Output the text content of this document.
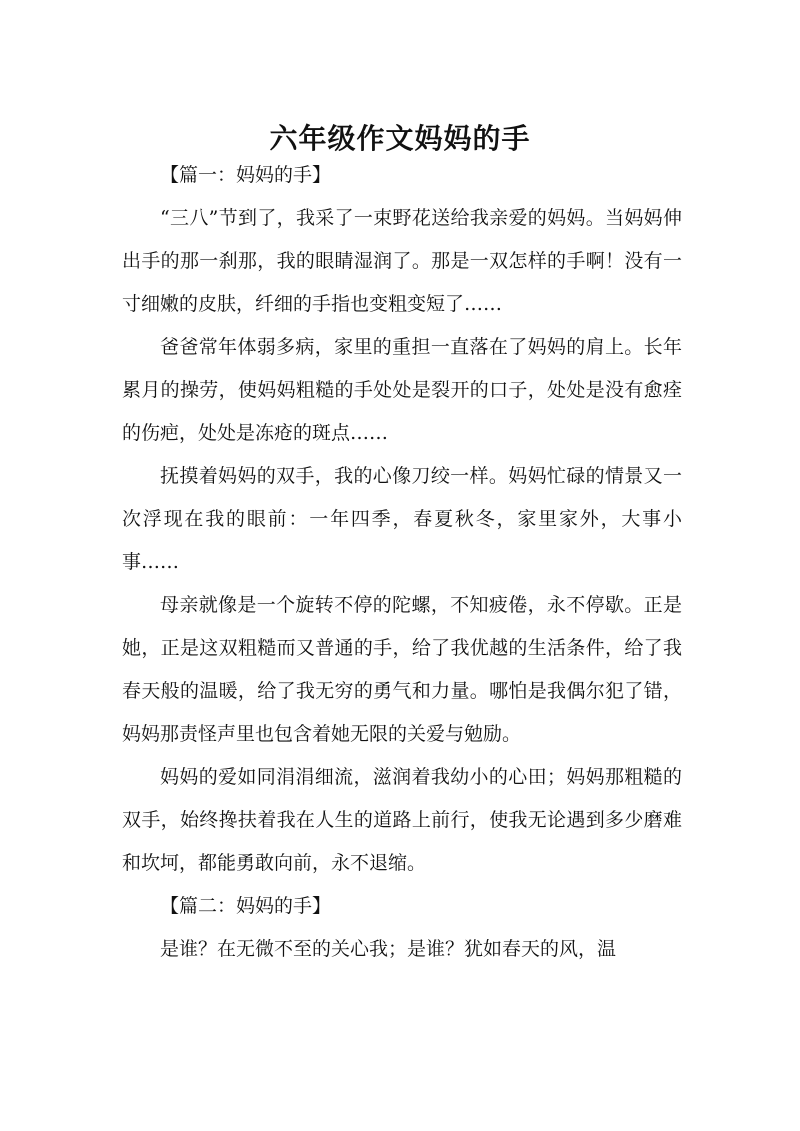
六年级作文妈妈的手

【篇一：妈妈的手】

“三八”节到了，我采了一束野花送给我亲爱的妈妈。当妈妈伸出手的那一刹那，我的眼睛湿润了。那是一双怎样的手啊！没有一寸细嫩的皮肤，纤细的手指也变粗变短了……

爸爸常年体弱多病，家里的重担一直落在了妈妈的肩上。长年累月的操劳，使妈妈粗糙的手处处是裂开的口子，处处是没有愈痊的伤疤，处处是冻疮的斑点……

抚摸着妈妈的双手，我的心像刀绞一样。妈妈忙碌的情景又一次浮现在我的眼前：一年四季，春夏秋冬，家里家外，大事小事……

母亲就像是一个旋转不停的陀螺，不知疲倦，永不停歇。正是她，正是这双粗糙而又普通的手，给了我优越的生活条件，给了我春天般的温暖，给了我无穷的勇气和力量。哪怕是我偶尔犯了错，妈妈那责怪声里也包含着她无限的关爱与勉励。

妈妈的爱如同涓涓细流，滋润着我幼小的心田；妈妈那粗糙的双手，始终搀扶着我在人生的道路上前行，使我无论遇到多少磨难和坎坷，都能勇敢向前，永不退缩。

【篇二：妈妈的手】

是谁？在无微不至的关心我；是谁？犹如春天的风，温
